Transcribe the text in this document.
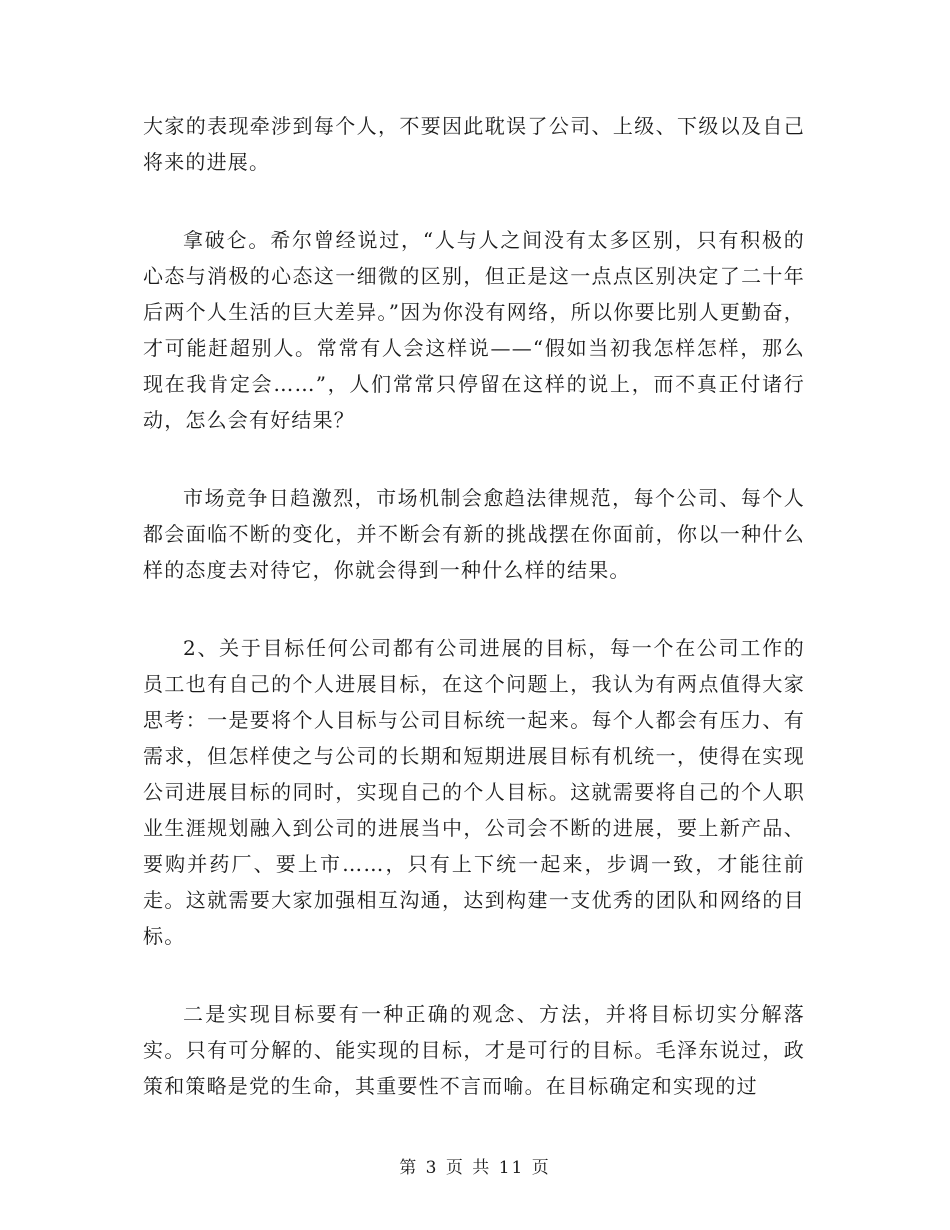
大家的表现牵涉到每个人，不要因此耽误了公司、上级、下级以及自己将来的进展。

拿破仑。希尔曾经说过，“人与人之间没有太多区别，只有积极的心态与消极的心态这一细微的区别，但正是这一点点区别决定了二十年后两个人生活的巨大差异。”因为你没有网络，所以你要比别人更勤奋，才可能赶超别人。常常有人会这样说——“假如当初我怎样怎样，那么现在我肯定会……”，人们常常只停留在这样的说上，而不真正付诸行动，怎么会有好结果？

市场竞争日趋激烈，市场机制会愈趋法律规范，每个公司、每个人都会面临不断的变化，并不断会有新的挑战摆在你面前，你以一种什么样的态度去对待它，你就会得到一种什么样的结果。

2、关于目标任何公司都有公司进展的目标，每一个在公司工作的员工也有自己的个人进展目标，在这个问题上，我认为有两点值得大家思考：一是要将个人目标与公司目标统一起来。每个人都会有压力、有需求，但怎样使之与公司的长期和短期进展目标有机统一，使得在实现公司进展目标的同时，实现自己的个人目标。这就需要将自己的个人职业生涯规划融入到公司的进展当中，公司会不断的进展，要上新产品、要购并药厂、要上市……，只有上下统一起来，步调一致，才能往前走。这就需要大家加强相互沟通，达到构建一支优秀的团队和网络的目标。

二是实现目标要有一种正确的观念、方法，并将目标切实分解落实。只有可分解的、能实现的目标，才是可行的目标。毛泽东说过，政策和策略是党的生命，其重要性不言而喻。在目标确定和实现的过

第 3 页 共 11 页
